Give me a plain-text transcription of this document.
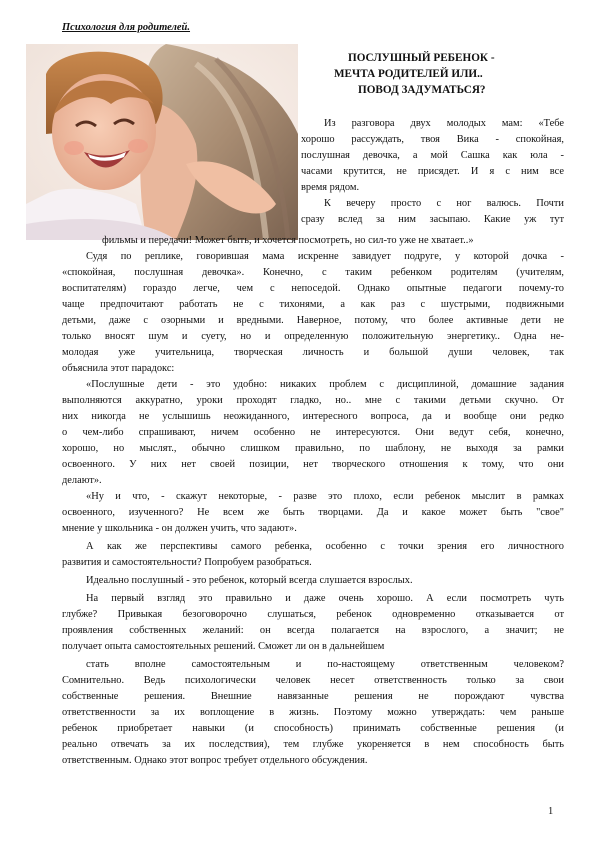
Психология для родителей.
ПОСЛУШНЫЙ РЕБЕНОК -
МЕЧТА РОДИТЕЛЕЙ ИЛИ..
ПОВОД ЗАДУМАТЬСЯ?
Из разговора двух молодых мам: «Тебе
хорошо рассуждать, твоя Вика - спокойная,
послушная девочка, а мой Сашка как юла -
часами крутится, не присядет. И я с ним все
время рядом.
К вечеру просто с ног валюсь. Почти
сразу вслед за ним засыпаю. Какие уж тут
фильмы и передачи! Может быть, и хочется посмотреть, но сил-то уже не хватает..»
Судя по реплике, говорившая мама искренне завидует подруге, у которой дочка -
«спокойная, послушная девочка». Конечно, с таким ребенком родителям (учителям,
воспитателям) гораздо легче, чем с непоседой. Однако опытные педагоги почему-то
чаще предпочитают работать не с тихонями, а как раз с шустрыми, подвижными
детьми, даже с озорными и вредными. Наверное, потому, что более активные дети не
только вносят шум и суету, но и определенную положительную энергетику.. Одна не-
молодая уже учительница, творческая личность и большой души человек, так
объяснила этот парадокс:
«Послушные дети - это удобно: никаких проблем с дисциплиной, домашние задания
выполняются аккуратно, уроки проходят гладко, но.. мне с такими детьми скучно. От
них никогда не услышишь неожиданного, интересного вопроса, да и вообще они редко
о чем-либо спрашивают, ничем особенно не интересуются. Они ведут себя, конечно,
хорошо, но мыслят., обычно слишком правильно, по шаблону, не выходя за рамки
освоенного. У них нет своей позиции, нет творческого отношения к тому, что они
делают».
«Ну и что, - скажут некоторые, - разве это плохо, если ребенок мыслит в рамках
освоенного, изученного? Не всем же быть творцами. Да и какое может быть "свое"
мнение у школьника - он должен учить, что задают».
А как же перспективы самого ребенка, особенно с точки зрения его личностного
развития и самостоятельности? Попробуем разобраться.
Идеально послушный - это ребенок, который всегда слушается взрослых.
На первый взгляд это правильно и даже очень хорошо. А если посмотреть чуть
глубже? Привыкая безоговорочно слушаться, ребенок одновременно отказывается от
проявления собственных желаний: он всегда полагается на взрослого, а значит; не
получает опыта самостоятельных решений. Сможет ли он в дальнейшем
стать вполне самостоятельным и по-настоящему ответственным человеком?
Сомнительно. Ведь психологически человек несет ответственность только за свои
собственные решения. Внешние навязанные решения не порождают чувства
ответственности за их воплощение в жизнь. Поэтому можно утверждать: чем раньше
ребенок приобретает навыки (и способность) принимать собственные решения (и
реально отвечать за их последствия), тем глубже укореняется в нем способность быть
ответственным. Однако этот вопрос требует отдельного обсуждения.
1
